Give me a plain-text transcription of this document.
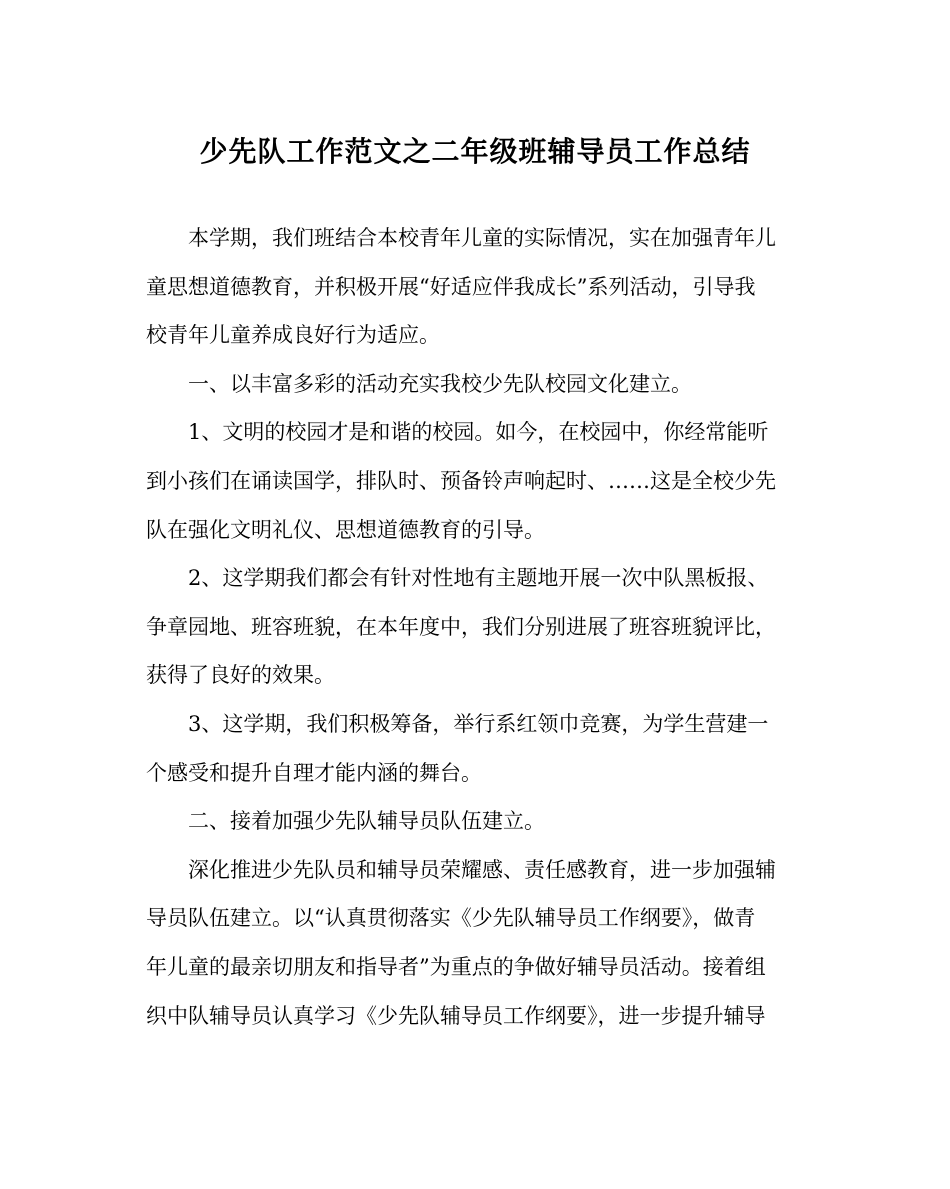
少先队工作范文之二年级班辅导员工作总结
本学期，我们班结合本校青年儿童的实际情况，实在加强青年儿
童思想道德教育，并积极开展“好适应伴我成长”系列活动，引导我
校青年儿童养成良好行为适应。
一、以丰富多彩的活动充实我校少先队校园文化建立。
1、文明的校园才是和谐的校园。如今，在校园中，你经常能听
到小孩们在诵读国学，排队时、预备铃声响起时、……这是全校少先
队在强化文明礼仪、思想道德教育的引导。
2、这学期我们都会有针对性地有主题地开展一次中队黑板报、
争章园地、班容班貌，在本年度中，我们分别进展了班容班貌评比，
获得了良好的效果。
3、这学期，我们积极筹备，举行系红领巾竞赛，为学生营建一
个感受和提升自理才能内涵的舞台。
二、接着加强少先队辅导员队伍建立。
深化推进少先队员和辅导员荣耀感、责任感教育，进一步加强辅
导员队伍建立。以“认真贯彻落实《少先队辅导员工作纲要》，做青
年儿童的最亲切朋友和指导者”为重点的争做好辅导员活动。接着组
织中队辅导员认真学习《少先队辅导员工作纲要》，进一步提升辅导
